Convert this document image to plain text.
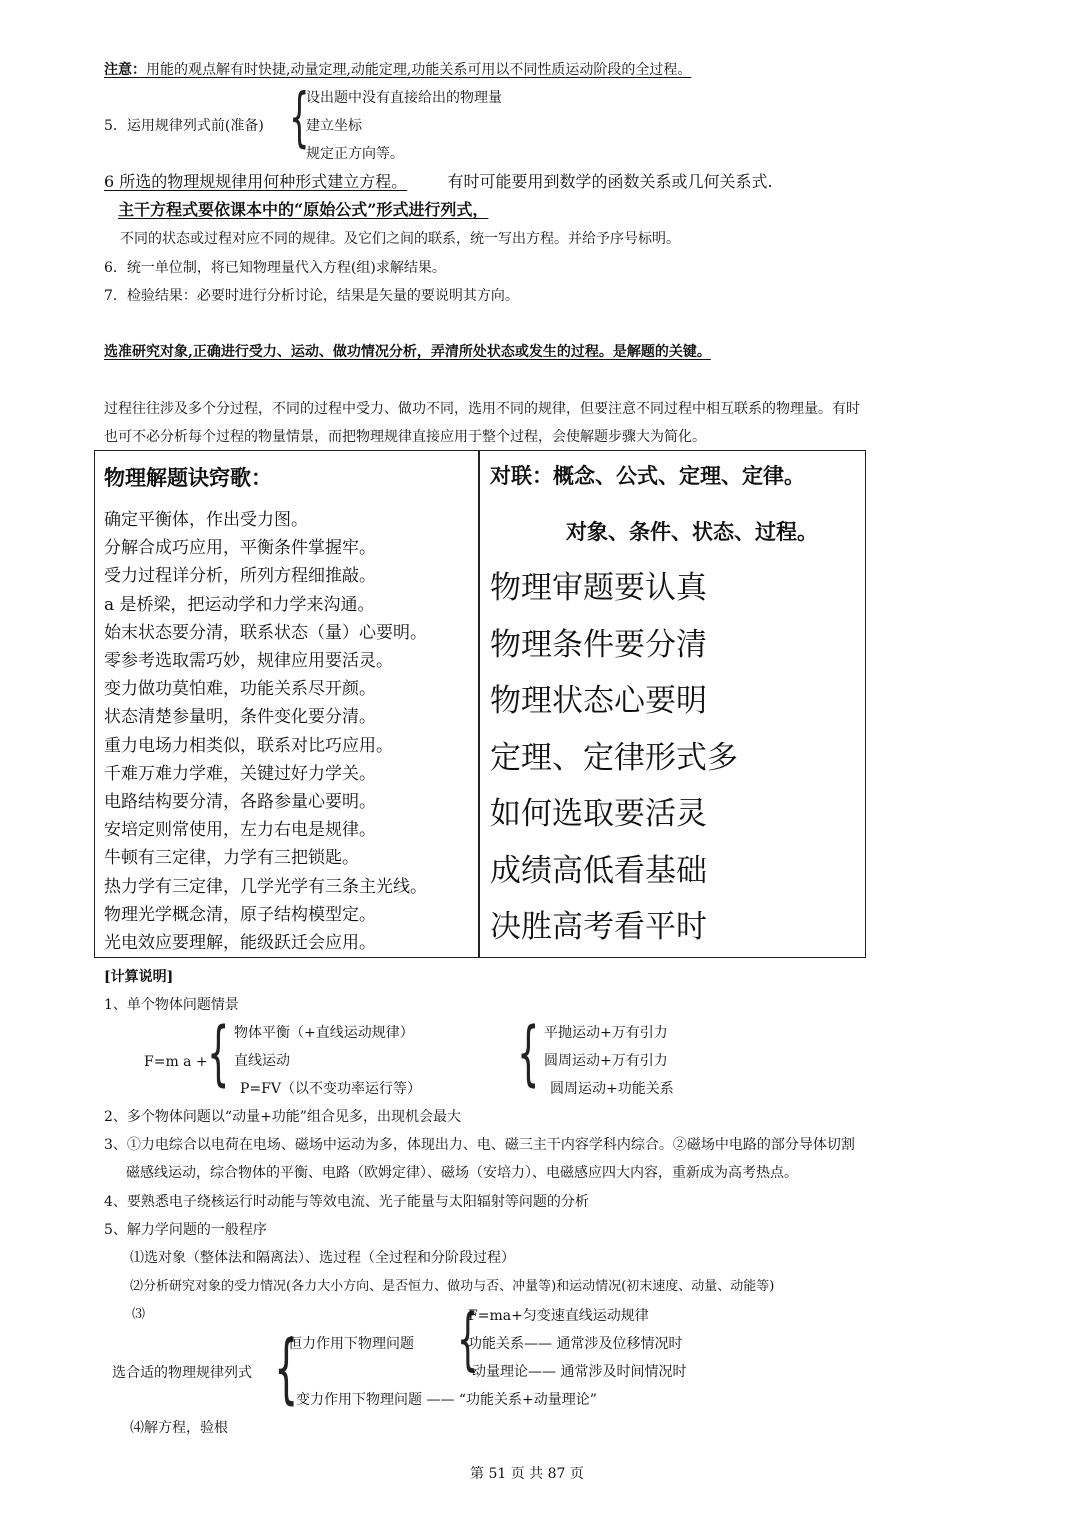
注意：用能的观点解有时快捷,动量定理,动能定理,功能关系可用以不同性质运动阶段的全过程。
5．运用规律列式前(准备) {
设出题中没有直接给出的物理量
建立坐标
规定正方向等。
6 所选的物理规规律用何种形式建立方程。	有时可能要用到数学的函数关系或几何关系式.
主干方程式要依课本中的“原始公式”形式进行列式，
不同的状态或过程对应不同的规律。及它们之间的联系，统一写出方程。并给予序号标明。
6．统一单位制，将已知物理量代入方程(组)求解结果。
7．检验结果：必要时进行分析讨论，结果是矢量的要说明其方向。
选准研究对象,正确进行受力、运动、做功情况分析，弄清所处状态或发生的过程。是解题的关键。
过程往往涉及多个分过程，不同的过程中受力、做功不同，选用不同的规律，但要注意不同过程中相互联系的物理量。有时
也可不必分析每个过程的物量情景，而把物理规律直接应用于整个过程，会使解题步骤大为简化。
物理解题诀窍歌：
确定平衡体，作出受力图。
分解合成巧应用，平衡条件掌握牢。
受力过程详分析，所列方程细推敲。
a 是桥梁，把运动学和力学来沟通。
始末状态要分清，联系状态（量）心要明。
零参考选取需巧妙，规律应用要活灵。
变力做功莫怕难，功能关系尽开颜。
状态清楚参量明，条件变化要分清。
重力电场力相类似，联系对比巧应用。
千难万难力学难，关键过好力学关。
电路结构要分清，各路参量心要明。
安培定则常使用，左力右电是规律。
牛顿有三定律，力学有三把锁匙。
热力学有三定律，几学光学有三条主光线。
物理光学概念清，原子结构模型定。
光电效应要理解，能级跃迁会应用。
对联：概念、公式、定理、定律。
对象、条件、状态、过程。
物理审题要认真
物理条件要分清
物理状态心要明
定理、定律形式多
如何选取要活灵
成绩高低看基础
决胜高考看平时
[计算说明]
1、单个物体问题情景
F=m a + { 物体平衡（+直线运动规律）
直线运动
P=FV（以不变功率运行等） { 平抛运动+万有引力
圆周运动+万有引力
圆周运动+功能关系
2、多个物体问题以“动量+功能”组合见多，出现机会最大
3、①力电综合以电荷在电场、磁场中运动为多，体现出力、电、磁三主干内容学科内综合。②磁场中电路的部分导体切割
磁感线运动，综合物体的平衡、电路（欧姆定律）、磁场（安培力）、电磁感应四大内容，重新成为高考热点。
4、要熟悉电子绕核运行时动能与等效电流、光子能量与太阳辐射等问题的分析
5、解力学问题的一般程序
⑴选对象（整体法和隔离法）、选过程（全过程和分阶段过程）
⑵分析研究对象的受力情况(各力大小方向、是否恒力、做功与否、冲量等)和运动情况(初末速度、动量、动能等)
⑶
选合适的物理规律列式 {
恒力作用下物理问题 {
F=ma+匀变速直线运动规律
功能关系—— 通常涉及位移情况时
动量理论—— 通常涉及时间情况时
变力作用下物理问题 —— “功能关系+动量理论”
⑷解方程，验根
第 51 页 共 87 页
